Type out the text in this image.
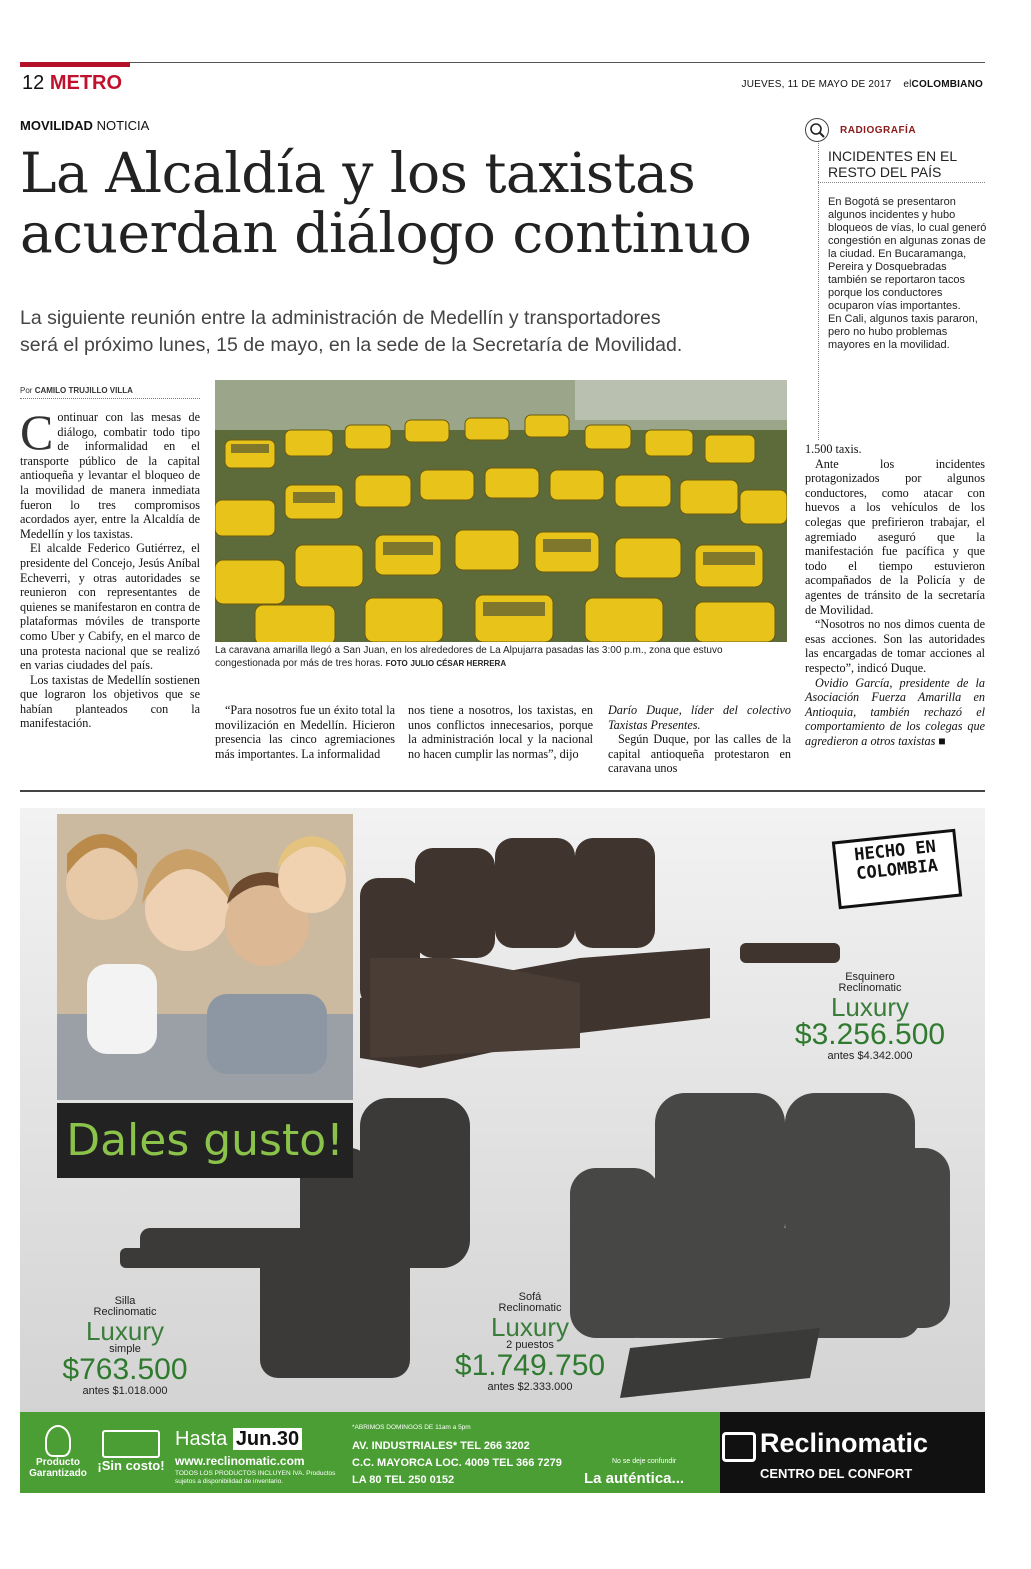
12 METRO	JUEVES, 11 DE MAYO DE 2017 elCOLOMBIANO
MOVILIDAD NOTICIA
La Alcaldía y los taxistas
acuerdan diálogo continuo
La siguiente reunión entre la administración de Medellín y transportadores
será el próximo lunes, 15 de mayo, en la sede de la Secretaría de Movilidad.
Por CAMILO TRUJILLO VILLA
C ontinuar con las mesas de diálogo, combatir todo tipo de informalidad en el transporte público de la capital antioqueña y levantar el bloqueo de la movilidad de manera inmediata fueron lo tres compromisos acordados ayer, entre la Alcaldía de Medellín y los taxistas.

El alcalde Federico Gutiérrez, el presidente del Concejo, Jesús Aníbal Echeverri, y otras autoridades se reunieron con representantes de quienes se manifestaron en contra de plataformas móviles de transporte como Uber y Cabify, en el marco de una protesta nacional que se realizó en varias ciudades del país.

Los taxistas de Medellín sostienen que lograron los objetivos que se habían planteados con la manifestación.

La caravana amarilla llegó a San Juan, en los alrededores de La Alpujarra pasadas las 3:00 p.m., zona que estuvo congestionada por más de tres horas. FOTO JULIO CÉSAR HERRERA

“Para nosotros fue un éxito total la movilización en Medellín. Hicieron presencia las cinco agremiaciones más importantes. La informalidad

nos tiene a nosotros, los taxistas, en unos conflictos innecesarios, porque la administración local y la nacional no hacen cumplir las normas”, dijo

Darío Duque, líder del colectivo Taxistas Presentes.

Según Duque, por las calles de la capital antioqueña protestaron en caravana unos

RADIOGRAFÍA
INCIDENTES EN EL RESTO DEL PAÍS
En Bogotá se presentaron algunos incidentes y hubo bloqueos de vías, lo cual generó congestión en algunas zonas de la ciudad. En Bucaramanga, Pereira y Dosquebradas también se reportaron tacos porque los conductores ocuparon vías importantes.
En Cali, algunos taxis pararon, pero no hubo problemas mayores en la movilidad.

1.500 taxis.

Ante los incidentes protagonizados por algunos conductores, como atacar con huevos a los vehículos de los colegas que prefirieron trabajar, el agremiado aseguró que la manifestación fue pacífica y que todo el tiempo estuvieron acompañados de la Policía y de agentes de tránsito de la secretaría de Movilidad.

“Nosotros no nos dimos cuenta de esas acciones. Son las autoridades las encargadas de tomar acciones al respecto”, indicó Duque.

Ovidio García, presidente de la Asociación Fuerza Amarilla en Antioquia, también rechazó el comportamiento de los colegas que agredieron a otros taxistas ■

Dales gusto!
HECHO EN COLOMBIA
Esquinero
Reclinomatic
Luxury
$3.256.500
antes $4.342.000
Silla
Reclinomatic
Luxury
simple
$763.500
antes $1.018.000
Sofá
Reclinomatic
Luxury
2 puestos
$1.749.750
antes $2.333.000
Producto Garantizado
¡Sin costo!
Hasta Jun.30
www.reclinomatic.com
TODOS LOS PRODUCTOS INCLUYEN IVA. Productos sujetos a disponibilidad de inventario.
*ABRIMOS DOMINGOS DE 11am a 5pm
AV. INDUSTRIALES* TEL 266 3202
C.C. MAYORCA LOC. 4009 TEL 366 7279
LA 80 TEL 250 0152
No se deje confundir
La auténtica...
Reclinomatic
CENTRO DEL CONFORT
